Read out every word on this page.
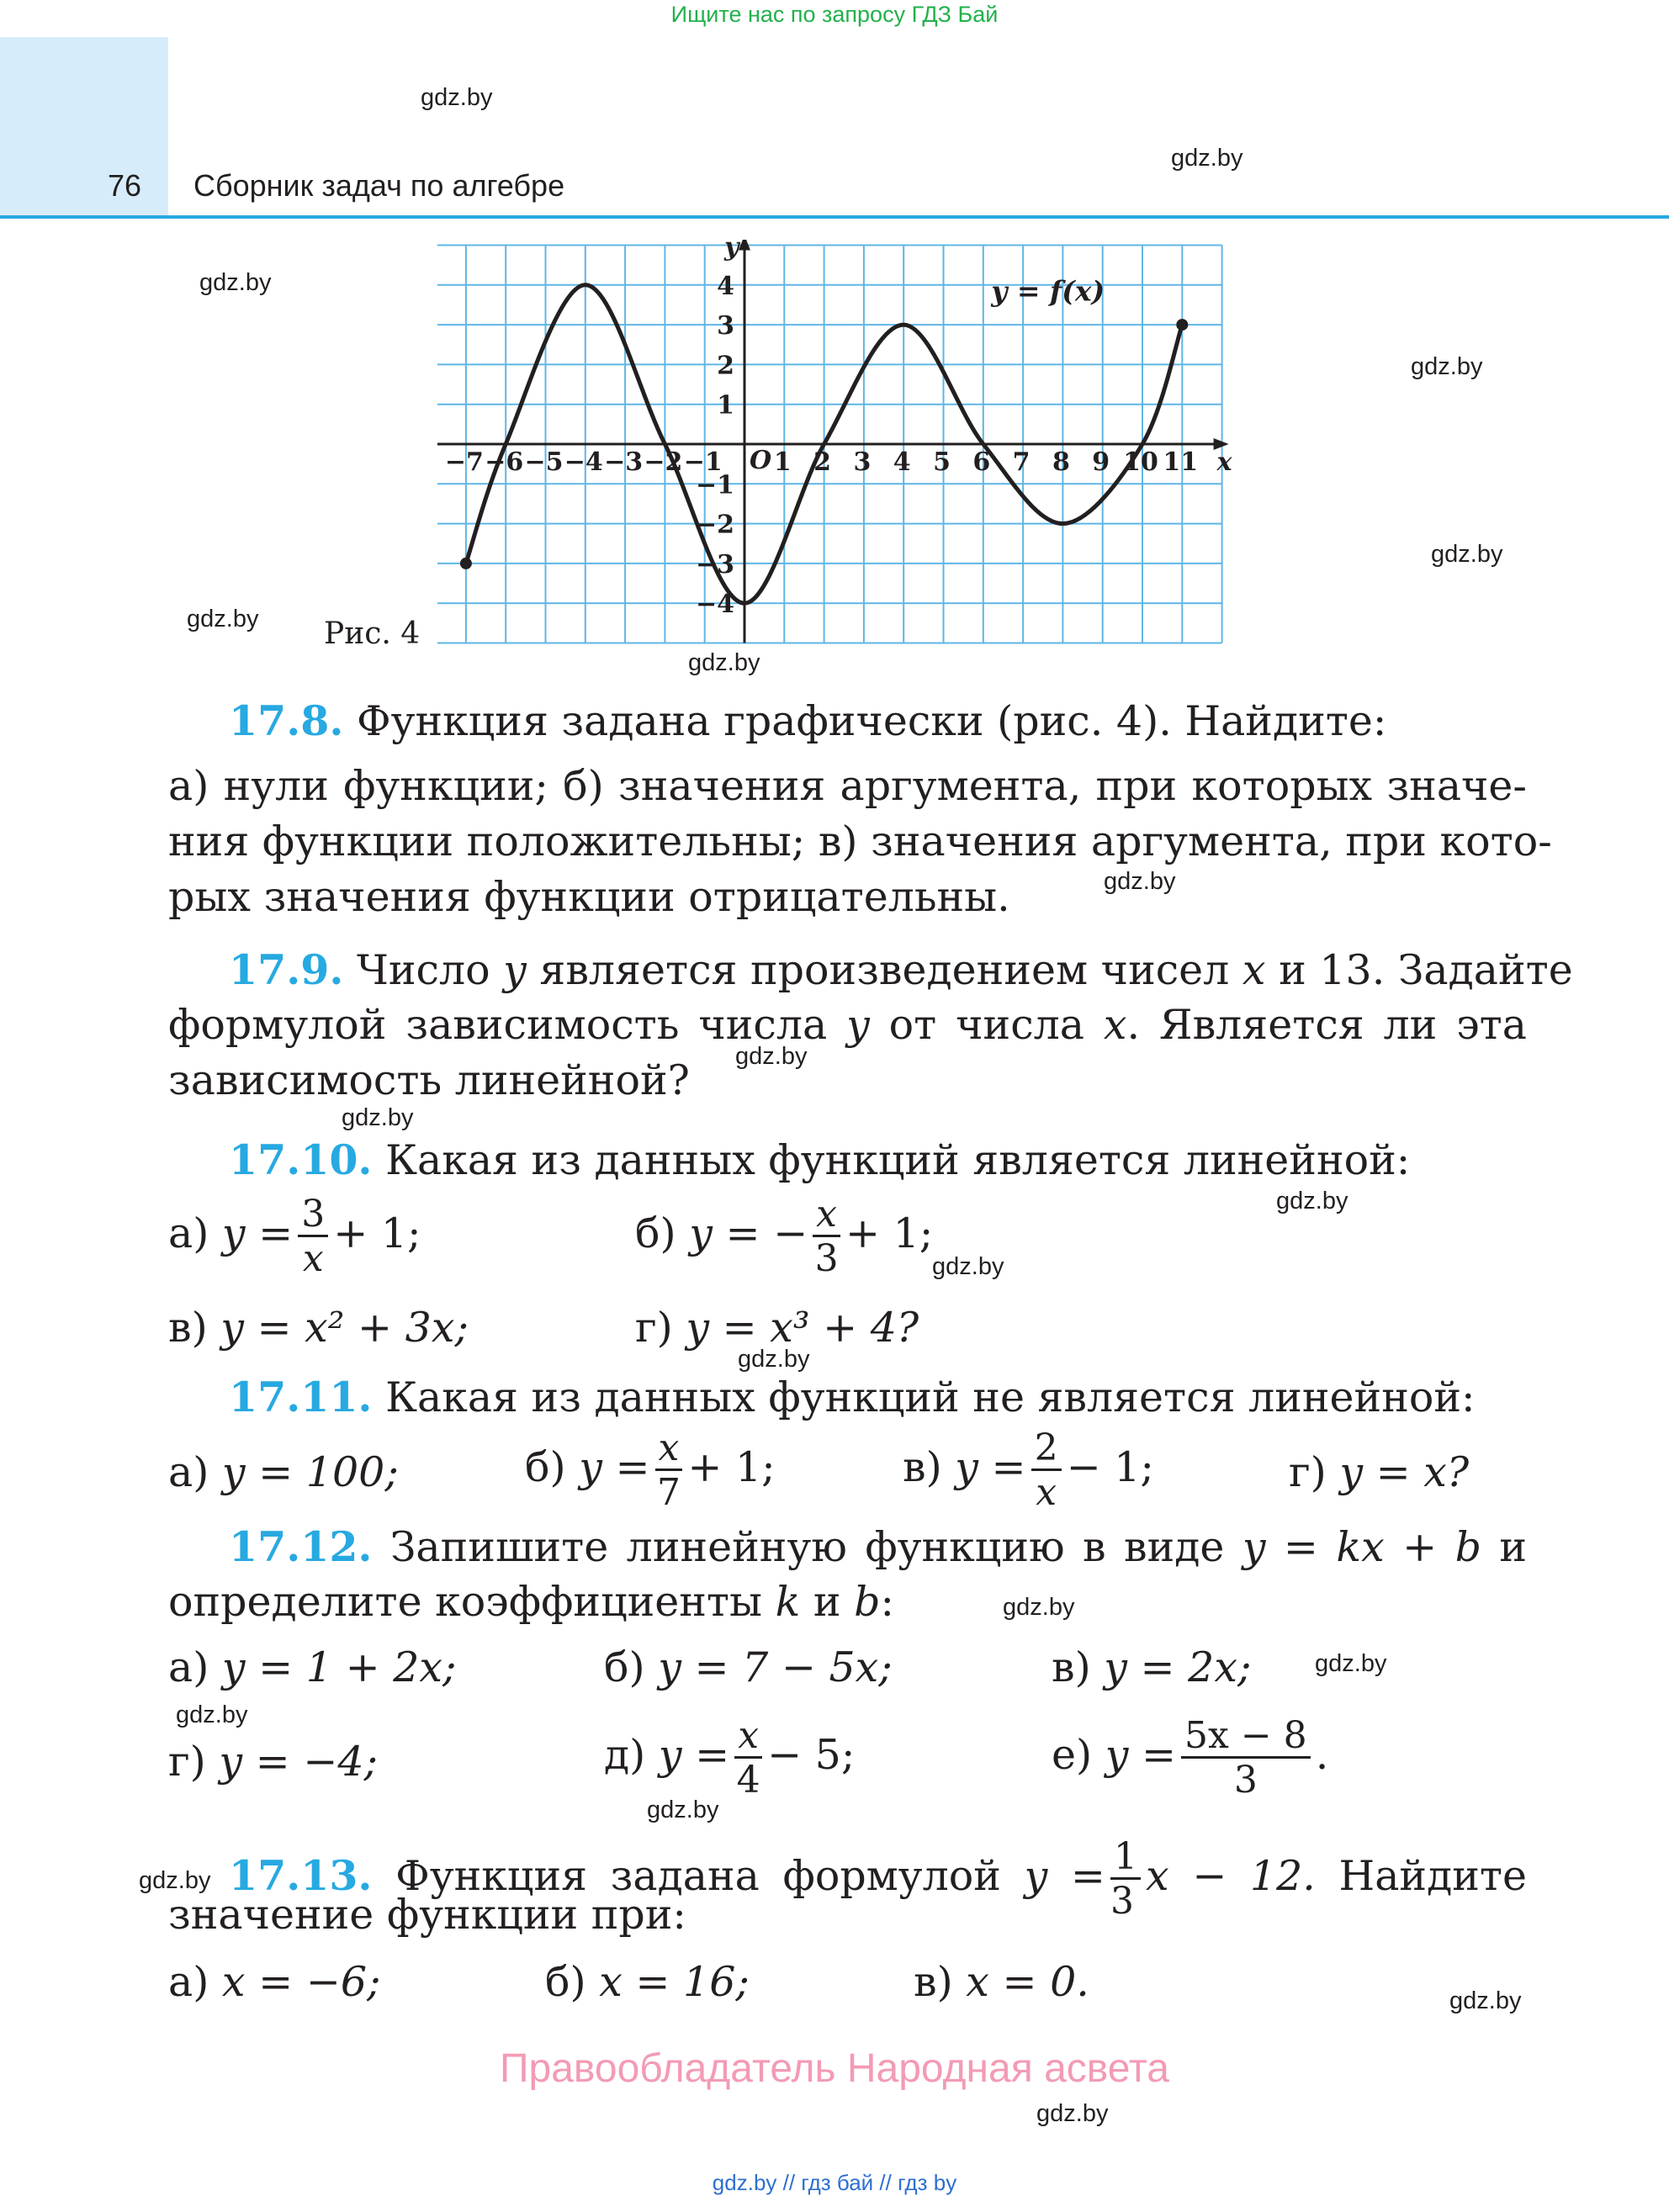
Ищите нас по запросу ГДЗ Бай
76 Сборник задач по алгебре
gdz.by
gdz.by
gdz.by
gdz.by
gdz.by
gdz.by
gdz.by
gdz.by
gdz.by
gdz.by
gdz.by
gdz.by
gdz.by
gdz.by
gdz.by
gdz.by
gdz.by
gdz.by
gdz.by
gdz.by
−7 −6 −5 −4 −3 −2 −1 1 2 3 4 5 6 7 8 9 10 11
4
3
2
1
−1
−2
−3
−4
O	x
y
y = f(x)
Рис. 4
17.8. Функция задана графически (рис. 4). Найдите:
а) нули функции; б) значения аргумента, при которых значе-
ния функции положительны; в) значения аргумента, при кото-
рых значения функции отрицательны.
17.9. Число y является произведением чисел x и 13. Задайте
формулой зависимость числа y от числа x. Является ли эта
зависимость линейной?
17.10. Какая из данных функций является линейной:
а) $y = \frac{3}{x} + 1$;	б) y = − $\frac{x}{3} + 1$;
в) y = x² + 3x;	г) y = x³ + 4?
17.11. Какая из данных функций не является линейной:
а) y = 100;	б) $y = \frac{x}{7} + 1$;	в) $y = \frac{2}{x} - 1$;	г) y = x?
17.12. Запишите линейную функцию в виде y = kx + b и
определите коэффициенты k и b:
а) y = 1 + 2x;	б) y = 7 − 5x;	в) y = 2x;
г) y = −4;	д) $y = \frac{x}{4} - 5$;	е) $y = \frac{5x - 8}{3}$ .
17.13. Функция задана формулой $y = \frac{1}{3}$ x − 12. Найдите
значение функции при:
а) x = −6;	б) x = 16;	в) x = 0.
Правообладатель Народная асвета
gdz.by // гдз бай // гдз by
